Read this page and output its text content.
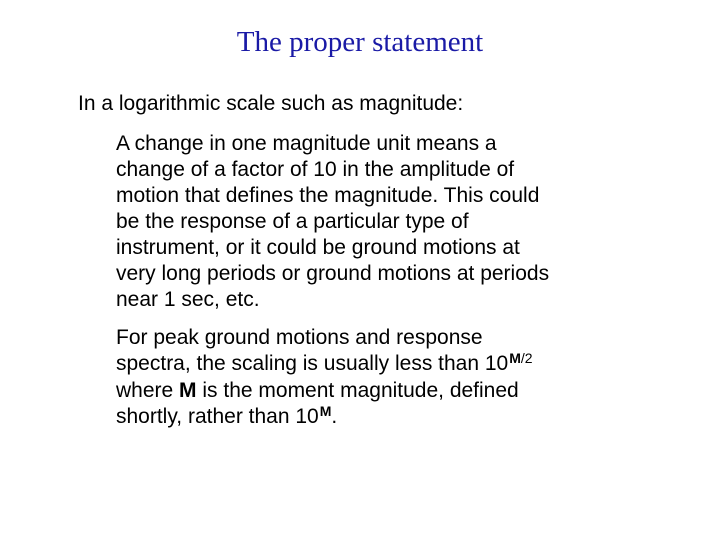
The proper statement

In a logarithmic scale such as magnitude:

A change in one magnitude unit means a
change of a factor of 10 in the amplitude of
motion that defines the magnitude. This could
be the response of a particular type of
instrument, or it could be ground motions at
very long periods or ground motions at periods
near 1 sec, etc.
For peak ground motions and response
spectra, the scaling is usually less than $10^{M/2}$
where M is the moment magnitude, defined
shortly, rather than $10^M$.
